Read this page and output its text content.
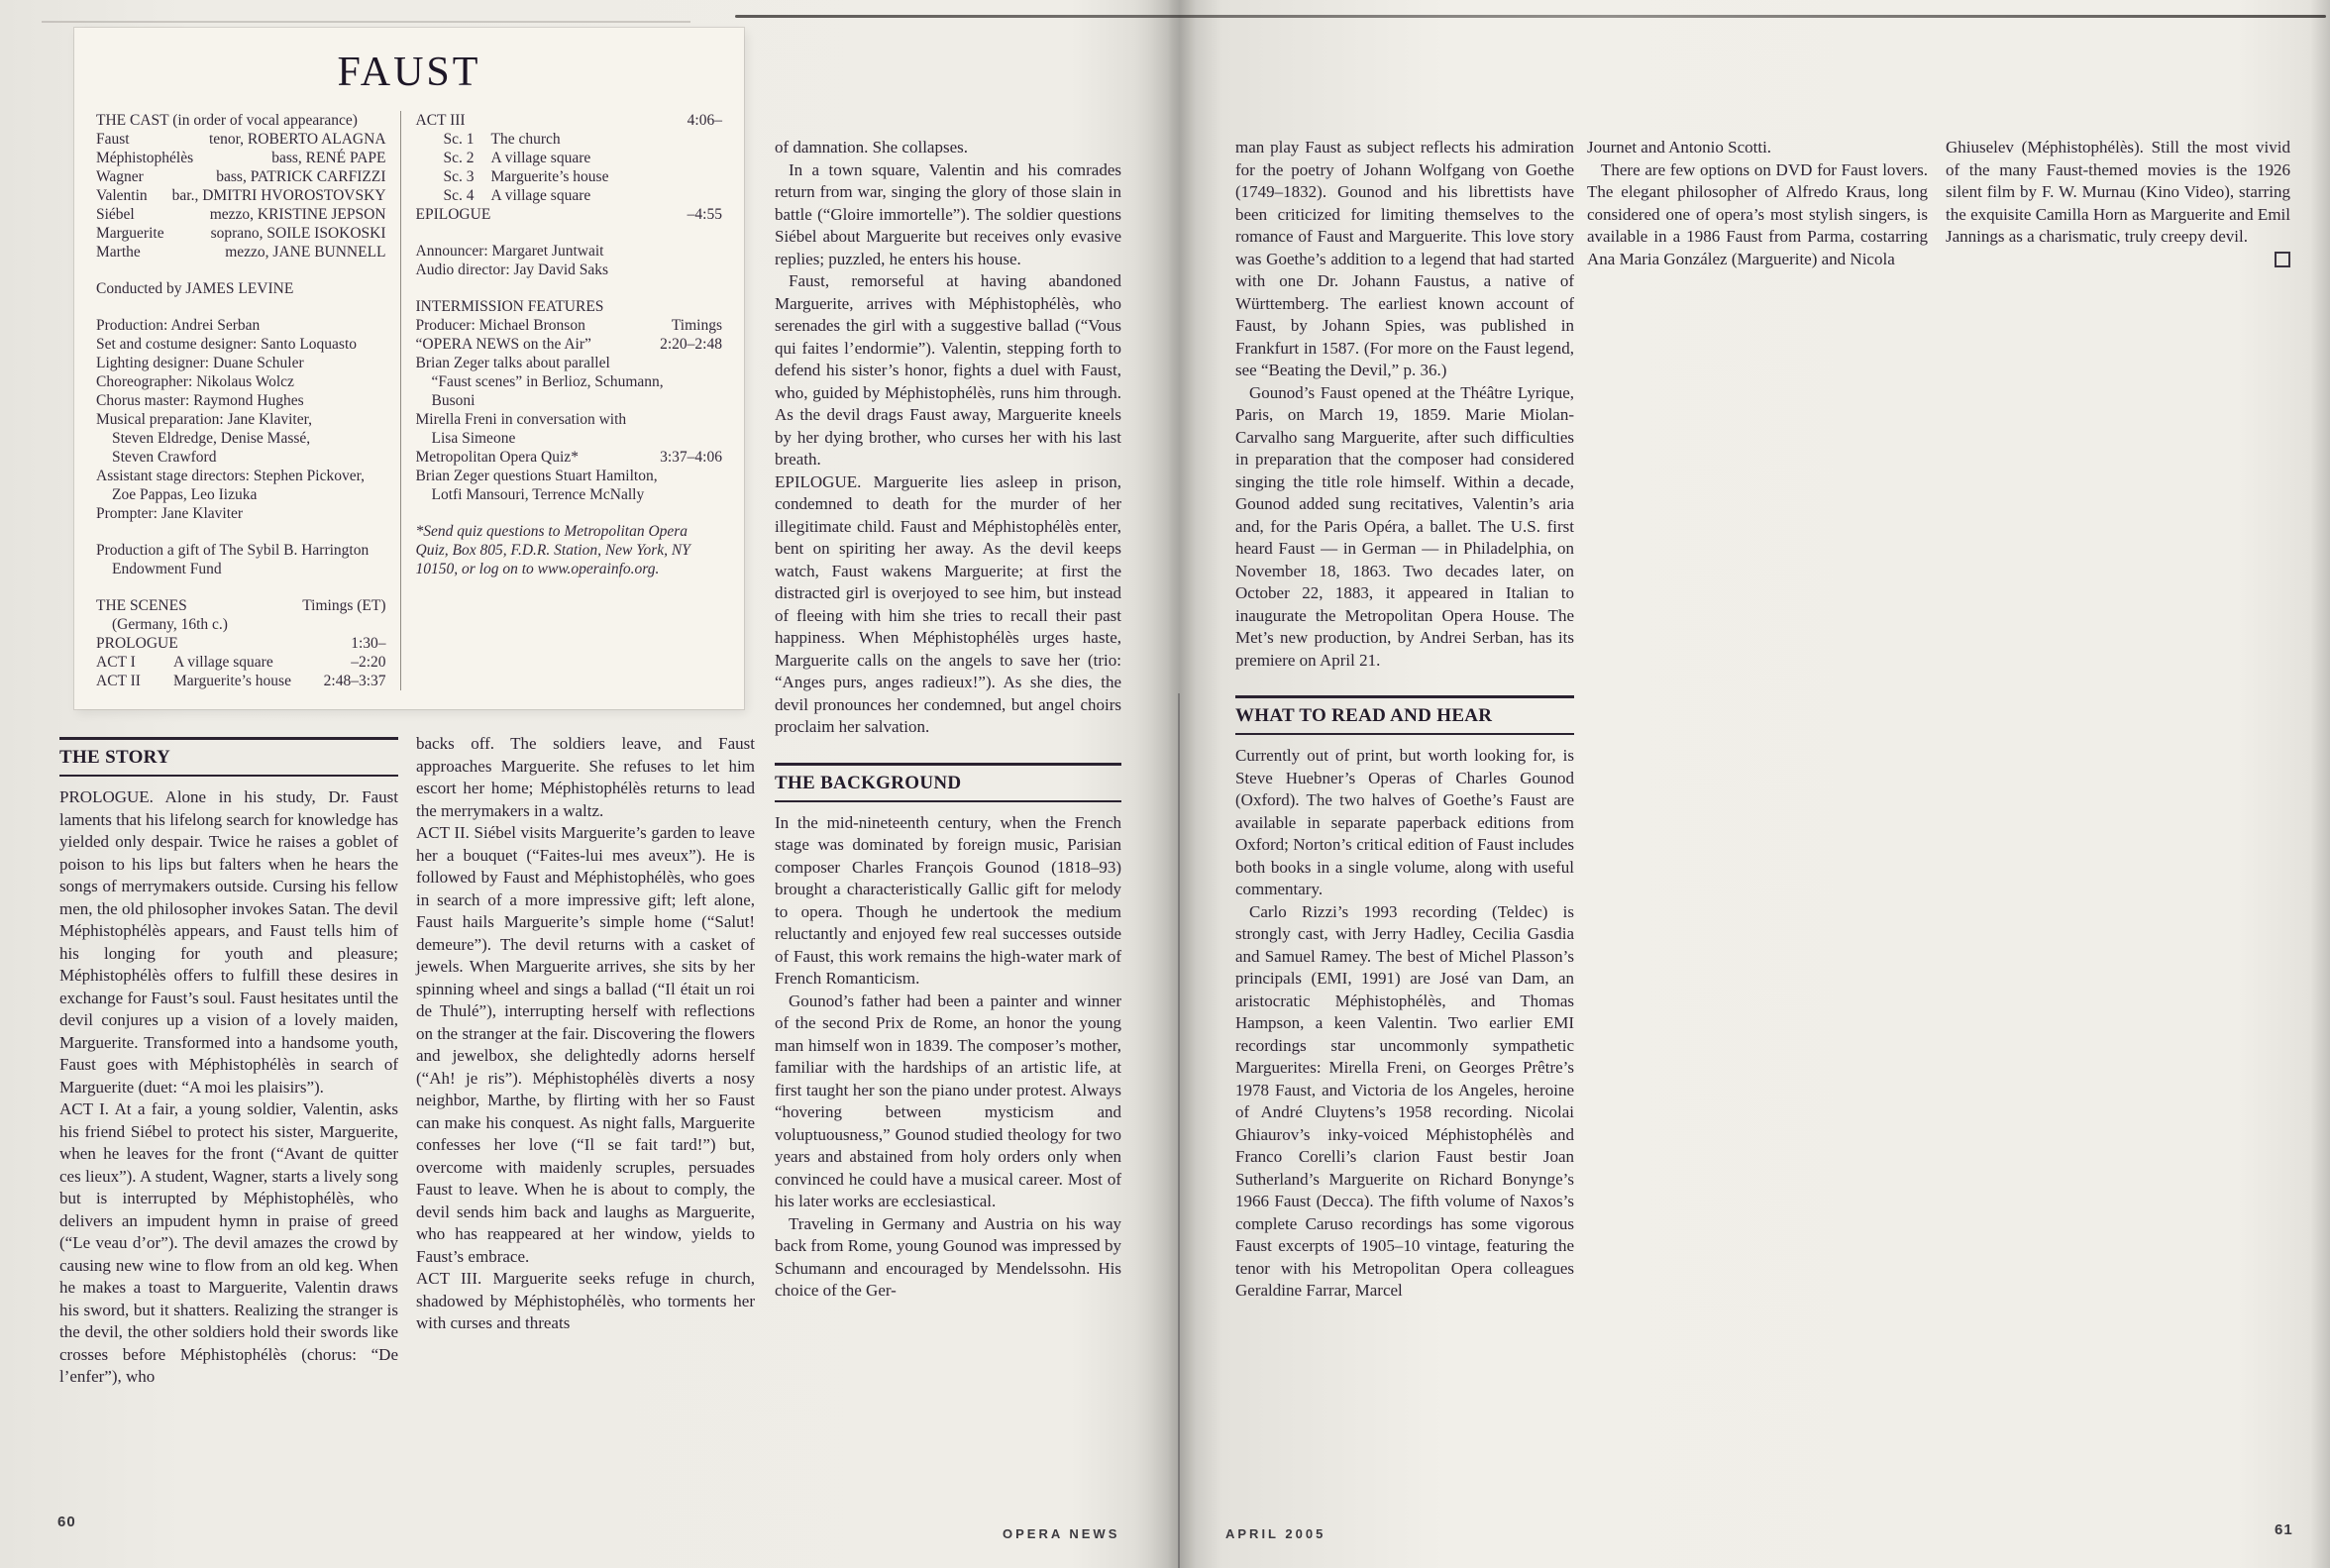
FAUST
THE CAST (in order of vocal appearance)
Faust	tenor, ROBERTO ALAGNA
Méphistophélès	bass, RENÉ PAPE
Wagner	bass, PATRICK CARFIZZI
Valentin bar., DMITRI HVOROSTOVSKY
Siébel	mezzo, KRISTINE JEPSON
Marguerite	soprano, SOILE ISOKOSKI
Marthe	mezzo, JANE BUNNELL
Conducted by JAMES LEVINE
Production: Andrei Serban
Set and costume designer: Santo Loquasto
Lighting designer: Duane Schuler
Choreographer: Nikolaus Wolcz
Chorus master: Raymond Hughes
Musical preparation: Jane Klaviter,
Steven Eldredge, Denise Massé,
Steven Crawford
Assistant stage directors: Stephen Pickover,
Zoe Pappas, Leo Iizuka
Prompter: Jane Klaviter
Production a gift of The Sybil B. Harrington
Endowment Fund
THE SCENES	Timings (ET)
(Germany, 16th c.)
PROLOGUE	1:30–
ACT I	A village square	–2:20
ACT II	Marguerite’s house	2:48–3:37
ACT III	4:06–
Sc. 1	The church
Sc. 2	A village square
Sc. 3	Marguerite’s house
Sc. 4	A village square
EPILOGUE	–4:55
Announcer: Margaret Juntwait
Audio director: Jay David Saks
INTERMISSION FEATURES
Producer: Michael Bronson	Timings
“OPERA NEWS on the Air”	2:20–2:48
Brian Zeger talks about parallel
“Faust scenes” in Berlioz, Schumann,
Busoni
Mirella Freni in conversation with
Lisa Simeone
Metropolitan Opera Quiz*	3:37–4:06
Brian Zeger questions Stuart Hamilton,
Lotfi Mansouri, Terrence McNally
*Send quiz questions to Metropolitan Opera Quiz, Box 805, F.D.R. Station, New York, NY 10150, or log on to www.operainfo.org.
THE STORY

PROLOGUE. Alone in his study, Dr. Faust laments that his lifelong search for knowledge has yielded only despair. Twice he raises a goblet of poison to his lips but falters when he hears the songs of merrymakers outside. Cursing his fellow men, the old philosopher invokes Satan. The devil Méphistophélès appears, and Faust tells him of his longing for youth and pleasure; Méphistophélès offers to fulfill these desires in exchange for Faust’s soul. Faust hesitates until the devil conjures up a vision of a lovely maiden, Marguerite. Transformed into a handsome youth, Faust goes with Méphistophélès in search of Marguerite (duet: “A moi les plaisirs”).

ACT I. At a fair, a young soldier, Valentin, asks his friend Siébel to protect his sister, Marguerite, when he leaves for the front (“Avant de quitter ces lieux”). A student, Wagner, starts a lively song but is interrupted by Méphistophélès, who delivers an impudent hymn in praise of greed (“Le veau d’or”). The devil amazes the crowd by causing new wine to flow from an old keg. When he makes a toast to Marguerite, Valentin draws his sword, but it shatters. Realizing the stranger is the devil, the other soldiers hold their swords like crosses before Méphistophélès (chorus: “De l’enfer”), who

backs off. The soldiers leave, and Faust approaches Marguerite. She refuses to let him escort her home; Méphistophélès returns to lead the merrymakers in a waltz.

ACT II. Siébel visits Marguerite’s garden to leave her a bouquet (“Faites-lui mes aveux”). He is followed by Faust and Méphistophélès, who goes in search of a more impressive gift; left alone, Faust hails Marguerite’s simple home (“Salut! demeure”). The devil returns with a casket of jewels. When Marguerite arrives, she sits by her spinning wheel and sings a ballad (“Il était un roi de Thulé”), interrupting herself with reflections on the stranger at the fair. Discovering the flowers and jewelbox, she delightedly adorns herself (“Ah! je ris”). Méphistophélès diverts a nosy neighbor, Marthe, by flirting with her so Faust can make his conquest. As night falls, Marguerite confesses her love (“Il se fait tard!”) but, overcome with maidenly scruples, persuades Faust to leave. When he is about to comply, the devil sends him back and laughs as Marguerite, who has reappeared at her window, yields to Faust’s embrace.

ACT III. Marguerite seeks refuge in church, shadowed by Méphistophélès, who torments her with curses and threats

of damnation. She collapses.

In a town square, Valentin and his comrades return from war, singing the glory of those slain in battle (“Gloire immortelle”). The soldier questions Siébel about Marguerite but receives only evasive replies; puzzled, he enters his house.

Faust, remorseful at having abandoned Marguerite, arrives with Méphistophélès, who serenades the girl with a suggestive ballad (“Vous qui faites l’endormie”). Valentin, stepping forth to defend his sister’s honor, fights a duel with Faust, who, guided by Méphistophélès, runs him through. As the devil drags Faust away, Marguerite kneels by her dying brother, who curses her with his last breath.

EPILOGUE. Marguerite lies asleep in prison, condemned to death for the murder of her illegitimate child. Faust and Méphistophélès enter, bent on spiriting her away. As the devil keeps watch, Faust wakens Marguerite; at first the distracted girl is overjoyed to see him, but instead of fleeing with him she tries to recall their past happiness. When Méphistophélès urges haste, Marguerite calls on the angels to save her (trio: “Anges purs, anges radieux!”). As she dies, the devil pronounces her condemned, but angel choirs proclaim her salvation.

THE BACKGROUND

In the mid-nineteenth century, when the French stage was dominated by foreign music, Parisian composer Charles François Gounod (1818–93) brought a characteristically Gallic gift for melody to opera. Though he undertook the medium reluctantly and enjoyed few real successes outside of Faust, this work remains the high-water mark of French Romanticism.

Gounod’s father had been a painter and winner of the second Prix de Rome, an honor the young man himself won in 1839. The composer’s mother, familiar with the hardships of an artistic life, at first taught her son the piano under protest. Always “hovering between mysticism and voluptuousness,” Gounod studied theology for two years and abstained from holy orders only when convinced he could have a musical career. Most of his later works are ecclesiastical.

Traveling in Germany and Austria on his way back from Rome, young Gounod was impressed by Schumann and encouraged by Mendelssohn. His choice of the Ger-

man play Faust as subject reflects his admiration for the poetry of Johann Wolfgang von Goethe (1749–1832). Gounod and his librettists have been criticized for limiting themselves to the romance of Faust and Marguerite. This love story was Goethe’s addition to a legend that had started with one Dr. Johann Faustus, a native of Württemberg. The earliest known account of Faust, by Johann Spies, was published in Frankfurt in 1587. (For more on the Faust legend, see “Beating the Devil,” p. 36.)

Gounod’s Faust opened at the Théâtre Lyrique, Paris, on March 19, 1859. Marie Miolan-Carvalho sang Marguerite, after such difficulties in preparation that the composer had considered singing the title role himself. Within a decade, Gounod added sung recitatives, Valentin’s aria and, for the Paris Opéra, a ballet. The U.S. first heard Faust — in German — in Philadelphia, on November 18, 1863. Two decades later, on October 22, 1883, it appeared in Italian to inaugurate the Metropolitan Opera House. The Met’s new production, by Andrei Serban, has its premiere on April 21.

WHAT TO READ AND HEAR

Currently out of print, but worth looking for, is Steve Huebner’s Operas of Charles Gounod (Oxford). The two halves of Goethe’s Faust are available in separate paperback editions from Oxford; Norton’s critical edition of Faust includes both books in a single volume, along with useful commentary.

Carlo Rizzi’s 1993 recording (Teldec) is strongly cast, with Jerry Hadley, Cecilia Gasdia and Samuel Ramey. The best of Michel Plasson’s principals (EMI, 1991) are José van Dam, an aristocratic Méphistophélès, and Thomas Hampson, a keen Valentin. Two earlier EMI recordings star uncommonly sympathetic Marguerites: Mirella Freni, on Georges Prêtre’s 1978 Faust, and Victoria de los Angeles, heroine of André Cluytens’s 1958 recording. Nicolai Ghiaurov’s inky-voiced Méphistophélès and Franco Corelli’s clarion Faust bestir Joan Sutherland’s Marguerite on Richard Bonynge’s 1966 Faust (Decca). The fifth volume of Naxos’s complete Caruso recordings has some vigorous Faust excerpts of 1905–10 vintage, featuring the tenor with his Metropolitan Opera colleagues Geraldine Farrar, Marcel

Journet and Antonio Scotti.

There are few options on DVD for Faust lovers. The elegant philosopher of Alfredo Kraus, long considered one of opera’s most stylish singers, is available in a 1986 Faust from Parma, costarring Ana Maria González (Marguerite) and Nicola

Ghiuselev (Méphistophélès). Still the most vivid of the many Faust-themed movies is the 1926 silent film by F. W. Murnau (Kino Video), starring the exquisite Camilla Horn as Marguerite and Emil Jannings as a charismatic, truly creepy devil.

60
OPERA NEWS	APRIL 2005	61
